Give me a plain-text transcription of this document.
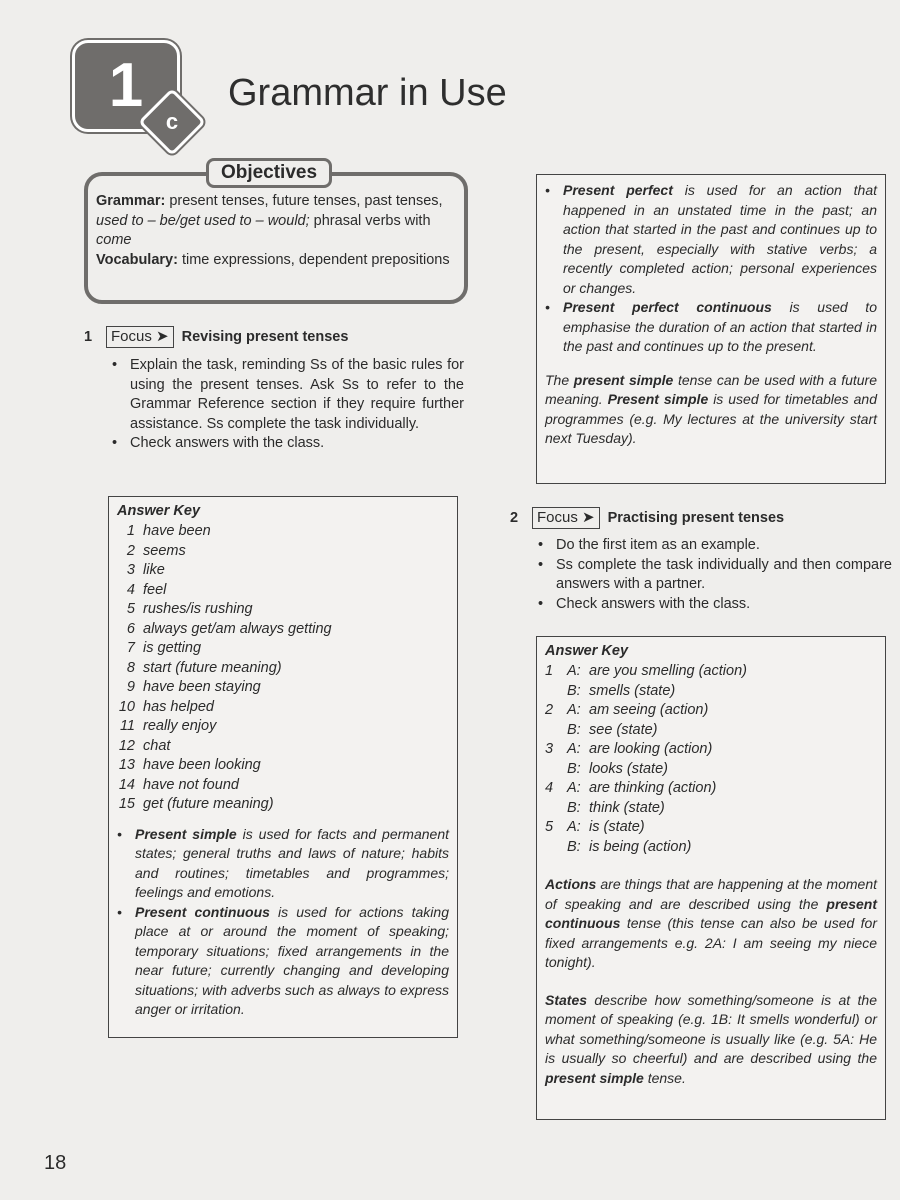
1
c
Grammar in Use
Objectives
Grammar: present tenses, future tenses, past tenses, used to – be/get used to – would; phrasal verbs with come
Vocabulary: time expressions, dependent prepositions
1	Focus ➤ Revising present tenses
• Explain the task, reminding Ss of the basic rules for using the present tenses. Ask Ss to refer to the Grammar Reference section if they require further assistance. Ss complete the task individually.
• Check answers with the class.
Answer Key
1 have been
2 seems
3 like
4 feel
5 rushes/is rushing
6 always get/am always getting
7 is getting
8 start (future meaning)
9 have been staying
10 has helped
11 really enjoy
12 chat
13 have been looking
14 have not found
15 get (future meaning)
• Present simple is used for facts and permanent states; general truths and laws of nature; habits and routines; timetables and programmes; feelings and emotions.
• Present continuous is used for actions taking place at or around the moment of speaking; temporary situations; fixed arrangements in the near future; currently changing and developing situations; with adverbs such as always to express anger or irritation.
• Present perfect is used for an action that happened in an unstated time in the past; an action that started in the past and continues up to the present, especially with stative verbs; a recently completed action; personal experiences or changes.
• Present perfect continuous is used to emphasise the duration of an action that started in the past and continues up to the present.
The present simple tense can be used with a future meaning. Present simple is used for timetables and programmes (e.g. My lectures at the university start next Tuesday).
2	Focus ➤ Practising present tenses
• Do the first item as an example.
• Ss complete the task individually and then compare answers with a partner.
• Check answers with the class.
Answer Key
1 A: are you smelling (action)
B: smells (state)
2 A: am seeing (action)
B: see (state)
3 A: are looking (action)
B: looks (state)
4 A: are thinking (action)
B: think (state)
5 A: is (state)
B: is being (action)
Actions are things that are happening at the moment of speaking and are described using the present continuous tense (this tense can also be used for fixed arrangements e.g. 2A: I am seeing my niece tonight).
States describe how something/someone is at the moment of speaking (e.g. 1B: It smells wonderful) or what something/someone is usually like (e.g. 5A: He is usually so cheerful) and are described using the present simple tense.
18
